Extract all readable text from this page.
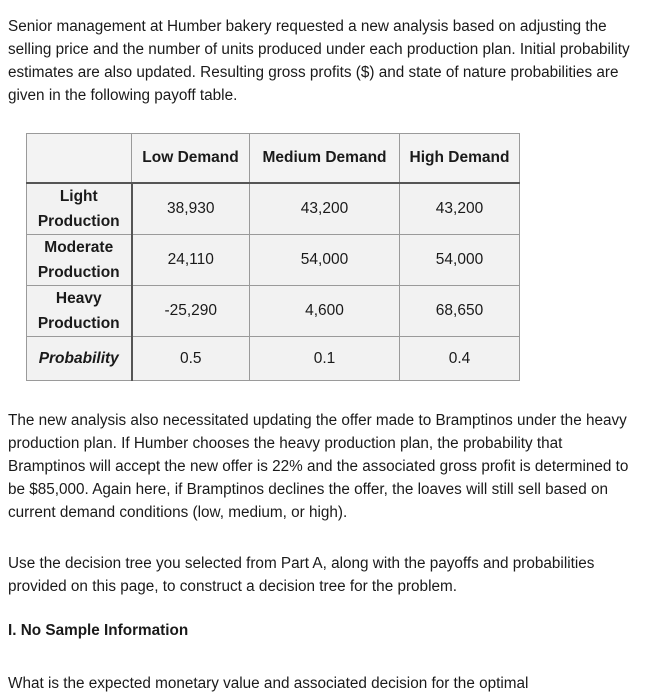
Senior management at Humber bakery requested a new analysis based on adjusting the selling price and the number of units produced under each production plan. Initial probability estimates are also updated. Resulting gross profits ($) and state of nature probabilities are given in the following payoff table.

	Low Demand	Medium Demand	High Demand

Light
Production	38,930	43,200	43,200

Moderate
Production	24,110	54,000	54,000

Heavy
Production	-25,290	4,600	68,650
Probability	0.5	0.1	0.4

The new analysis also necessitated updating the offer made to Bramptinos under the heavy production plan. If Humber chooses the heavy production plan, the probability that Bramptinos will accept the new offer is 22% and the associated gross profit is determined to be $85,000. Again here, if Bramptinos declines the offer, the loaves will still sell based on current demand conditions (low, medium, or high).

Use the decision tree you selected from Part A, along with the payoffs and probabilities provided on this page, to construct a decision tree for the problem.

I. No Sample Information

What is the expected monetary value and associated decision for the optimal
